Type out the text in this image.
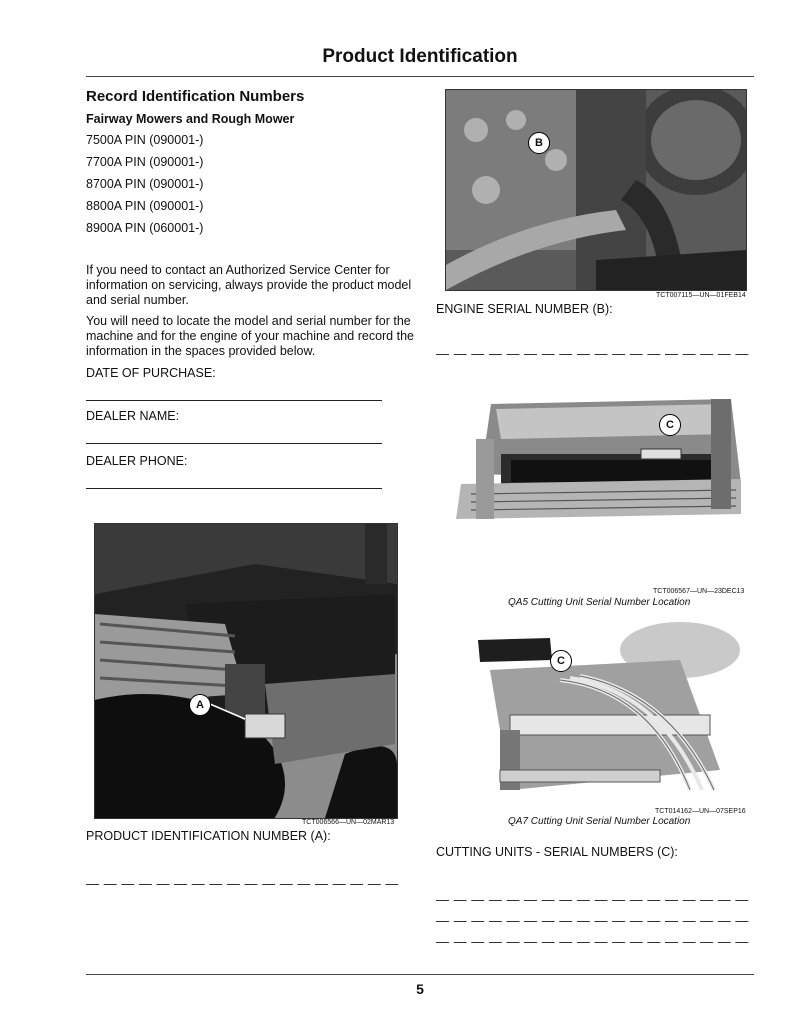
Product Identification
Record Identification Numbers
Fairway Mowers and Rough Mower
7500A PIN (090001-)
7700A PIN (090001-)
8700A PIN (090001-)
8800A PIN (090001-)
8900A PIN (060001-)
If you need to contact an Authorized Service Center for information on servicing, always provide the product model and serial number.
You will need to locate the model and serial number for the machine and for the engine of your machine and record the information in the spaces provided below.
DATE OF PURCHASE:
DEALER NAME:
DEALER PHONE:
A
TCT006566—UN—02MAR13
PRODUCT IDENTIFICATION NUMBER (A):
— — — — — — — — — — — — — — — — — —
B
TCT007115—UN—01FEB14
ENGINE SERIAL NUMBER (B):
— — — — — — — — — — — — — — — — — —
C
TCT006567—UN—23DEC13
QA5 Cutting Unit Serial Number Location
C
TCT014162—UN—07SEP16
QA7 Cutting Unit Serial Number Location
CUTTING UNITS - SERIAL NUMBERS (C):
— — — — — — — — — — — — — — — — — —
— — — — — — — — — — — — — — — — — —
— — — — — — — — — — — — — — — — — —
5
